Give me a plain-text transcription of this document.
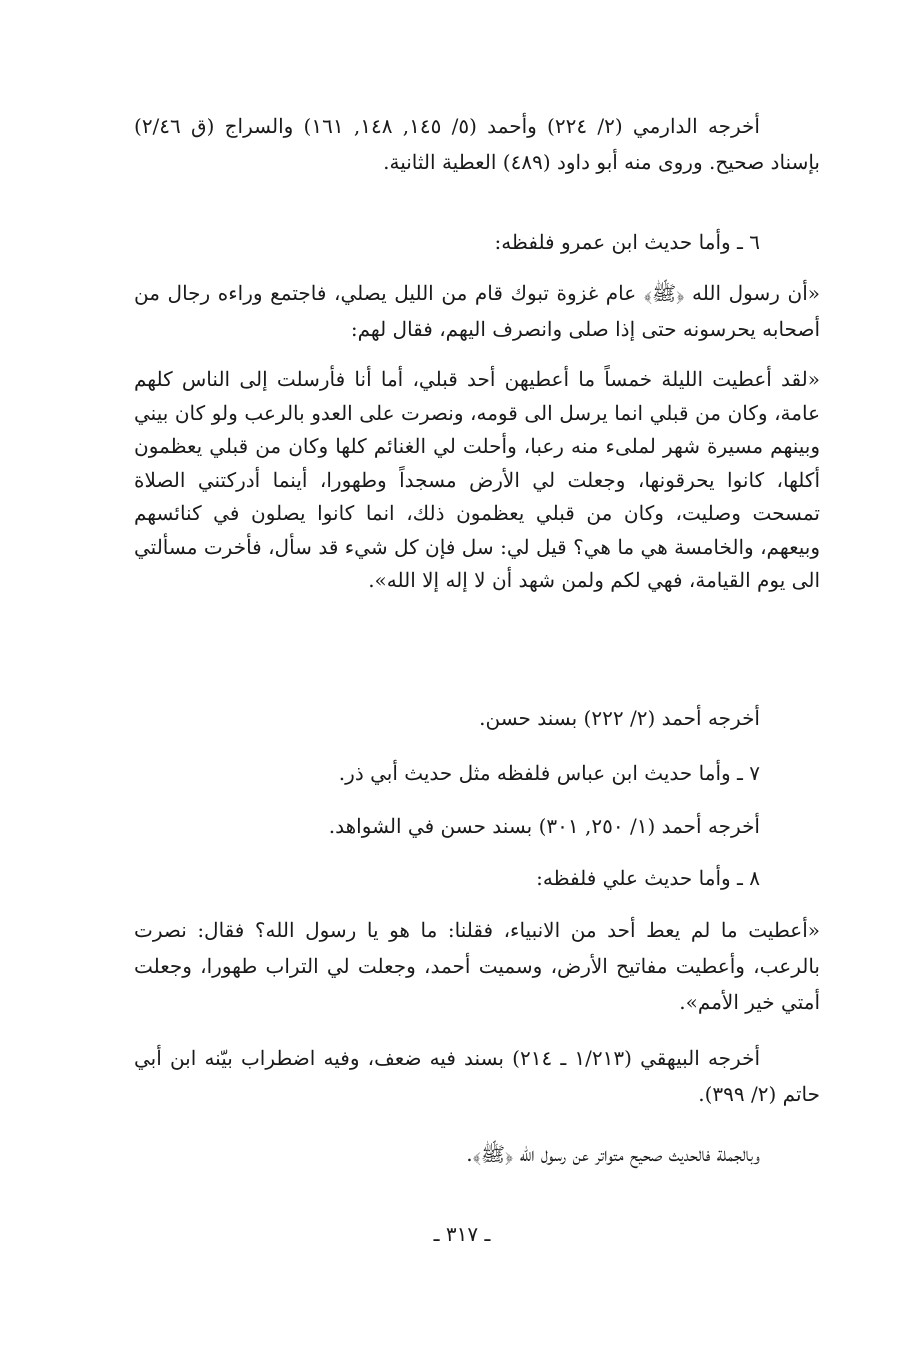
أخرجه الدارمي (٢/ ٢٢٤) وأحمد (٥/ ١٤٥, ١٤٨, ١٦١) والسراج (ق ٢/٤٦) بإسناد صحيح. وروى منه أبو داود (٤٨٩) العطية الثانية.

٦ ـ وأما حديث ابن عمرو فلفظه:

«أن رسول الله ﴿ﷺ﴾ عام غزوة تبوك قام من الليل يصلي، فاجتمع وراءه رجال من أصحابه يحرسونه حتى إذا صلى وانصرف اليهم، فقال لهم:

«لقد أعطيت الليلة خمساً ما أعطيهن أحد قبلي، أما أنا فأرسلت إلى الناس كلهم عامة، وكان من قبلي انما يرسل الى قومه، ونصرت على العدو بالرعب ولو كان بيني وبينهم مسيرة شهر لملىء منه رعبا، وأحلت لي الغنائم كلها وكان من قبلي يعظمون أكلها، كانوا يحرقونها، وجعلت لي الأرض مسجداً وطهورا، أينما أدركتني الصلاة تمسحت وصليت، وكان من قبلي يعظمون ذلك، انما كانوا يصلون في كنائسهم وبيعهم، والخامسة هي ما هي؟ قيل لي: سل فإن كل شيء قد سأل، فأخرت مسألتي الى يوم القيامة، فهي لكم ولمن شهد أن لا إله إلا الله».

أخرجه أحمد (٢/ ٢٢٢) بسند حسن.

٧ ـ وأما حديث ابن عباس فلفظه مثل حديث أبي ذر.

أخرجه أحمد (١/ ٢٥٠, ٣٠١) بسند حسن في الشواهد.

٨ ـ وأما حديث علي فلفظه:

«أعطيت ما لم يعط أحد من الانبياء، فقلنا: ما هو يا رسول الله؟ فقال: نصرت بالرعب، وأعطيت مفاتيح الأرض، وسميت أحمد، وجعلت لي التراب طهورا، وجعلت أمتي خير الأمم».

أخرجه البيهقي (١/٢١٣ ـ ٢١٤) بسند فيه ضعف، وفيه اضطراب بيّنه ابن أبي حاتم (٢/ ٣٩٩).

وبالجملة فالحديث صحيح متواتر عن رسول الله ﴿ﷺ﴾.

ـ ٣١٧ ـ
